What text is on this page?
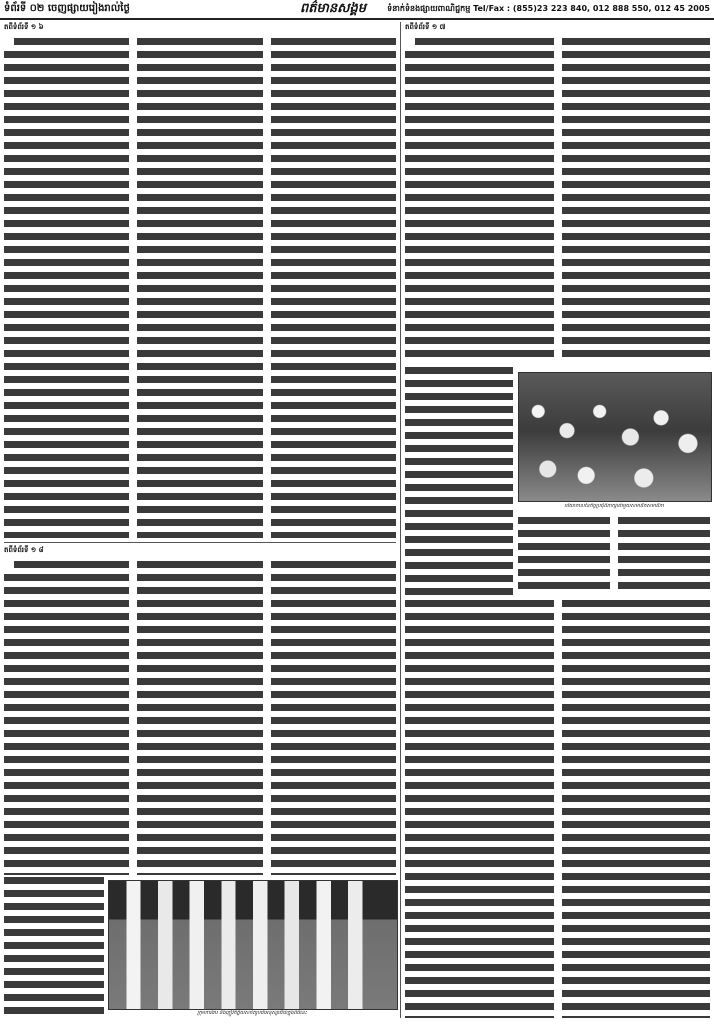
ទំព័រទី ០២ ចេញផ្សាយរៀងរាល់ថ្ងៃ	ពត៌មានសង្គម	ទំនាក់ទំនងផ្សាយពាណិជ្ជកម្ម Tel/Fax : (855)23 223 840, 012 888 550, 012 45 2005
តពីទំព័រទី ១ ៦
តពីទំព័រទី ១ ៨
ក្រុមការងារ និងភ្ញៀវកិត្តិយសថតរូបជាអនុស្សាវរីយ៍ក្នុងពិធីនេះ
តពីទំព័រទី ១ ៧
បរិយាកាសនៃកិច្ចប្រជុំពិភាក្សាជាមួយសមាជិកសមាជិកា
